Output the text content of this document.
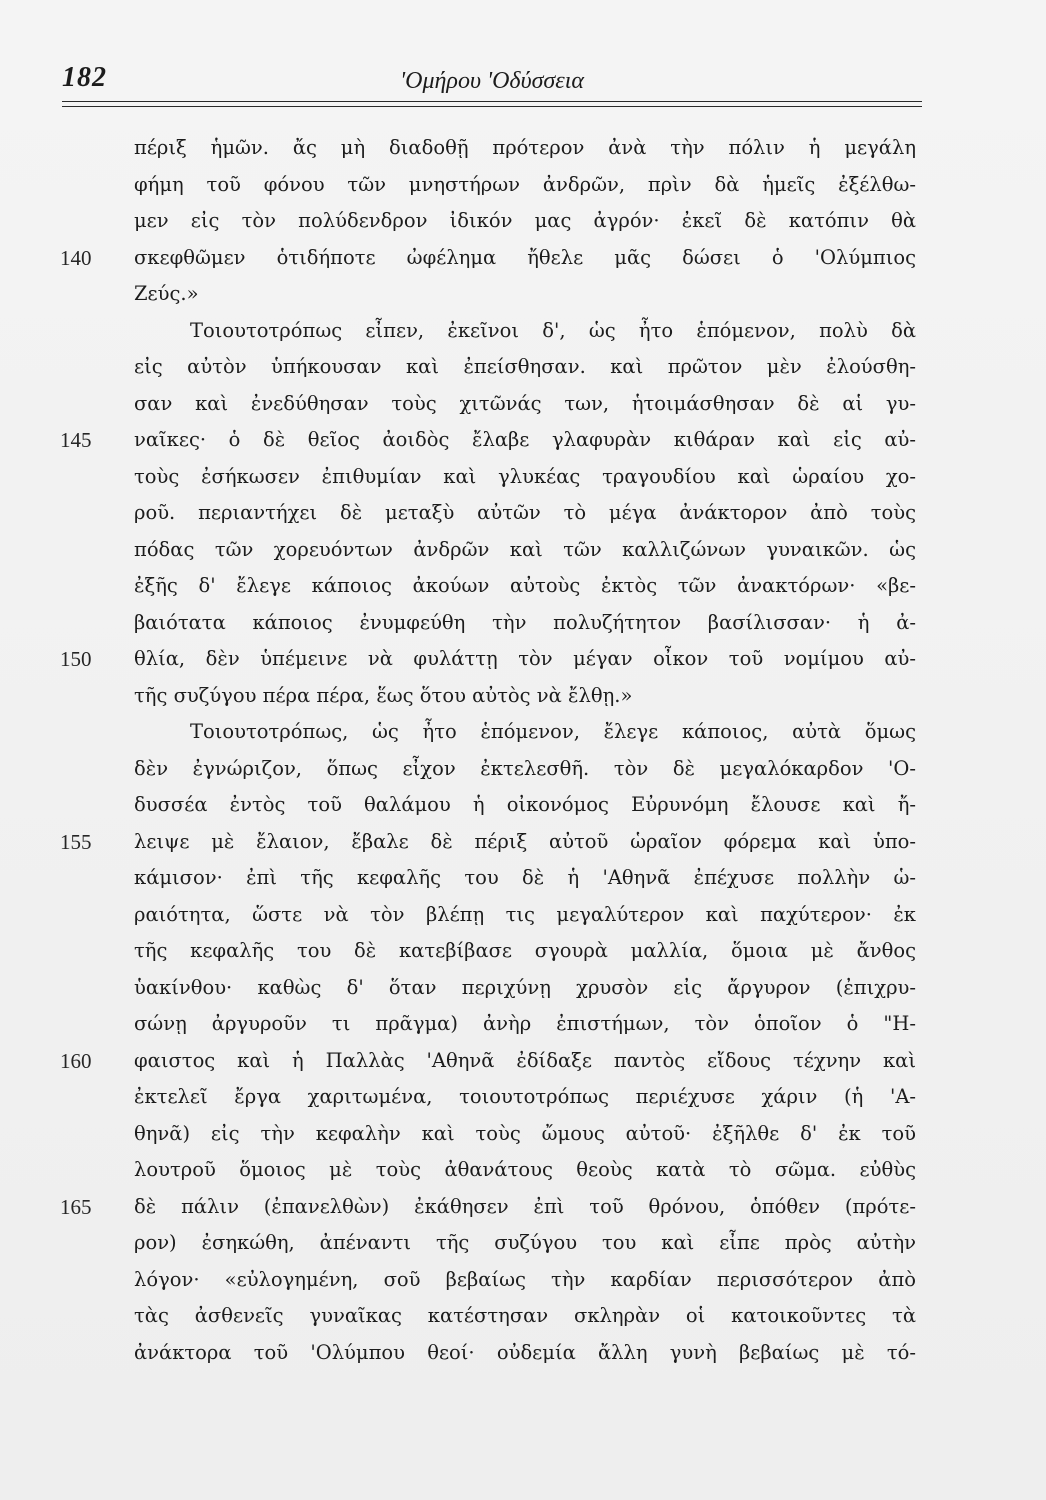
182	'Ομήρου 'Οδύσσεια
πέριξ ἡμῶν. ἄς μὴ διαδοθῇ πρότερον ἀνὰ τὴν πόλιν ἡ μεγάλη
φήμη τοῦ φόνου τῶν μνηστήρων ἀνδρῶν, πρὶν δὰ ἡμεῖς ἐξέλθω-
μεν εἰς τὸν πολύδενδρον ἰδικόν μας ἀγρόν· ἐκεῖ δὲ κατόπιν θὰ
140	σκεφθῶμεν ὁτιδήποτε ὠφέλημα ἤθελε μᾶς δώσει ὁ 'Ολύμπιος
Ζεύς.»
Τοιουτοτρόπως εἶπεν, ἐκεῖνοι δ', ὡς ἦτο ἑπόμενον, πολὺ δὰ
εἰς αὐτὸν ὑπήκουσαν καὶ ἐπείσθησαν. καὶ πρῶτον μὲν ἐλούσθη-
σαν καὶ ἐνεδύθησαν τοὺς χιτῶνάς των, ἡτοιμάσθησαν δὲ αἱ γυ-
145	ναῖκες· ὁ δὲ θεῖος ἀοιδὸς ἔλαβε γλαφυρὰν κιθάραν καὶ εἰς αὐ-
τοὺς ἐσήκωσεν ἐπιθυμίαν καὶ γλυκέας τραγουδίου καὶ ὡραίου χο-
ροῦ. περιαντήχει δὲ μεταξὺ αὐτῶν τὸ μέγα ἀνάκτορον ἀπὸ τοὺς
πόδας τῶν χορευόντων ἀνδρῶν καὶ τῶν καλλιζώνων γυναικῶν. ὡς
ἐξῆς δ' ἔλεγε κάποιος ἀκούων αὐτοὺς ἐκτὸς τῶν ἀνακτόρων· «βε-
βαιότατα κάποιος ἐνυμφεύθη τὴν πολυζήτητον βασίλισσαν· ἡ ἀ-
150	θλία, δὲν ὑπέμεινε νὰ φυλάττῃ τὸν μέγαν οἶκον τοῦ νομίμου αὐ-
τῆς συζύγου πέρα πέρα, ἕως ὅτου αὐτὸς νὰ ἔλθῃ.»
Τοιουτοτρόπως, ὡς ἦτο ἑπόμενον, ἔλεγε κάποιος, αὐτὰ ὅμως
δὲν ἐγνώριζον, ὅπως εἶχον ἐκτελεσθῆ. τὸν δὲ μεγαλόκαρδον 'Ο-
δυσσέα ἐντὸς τοῦ θαλάμου ἡ οἰκονόμος Εὐρυνόμη ἔλουσε καὶ ἤ-
155	λειψε μὲ ἔλαιον, ἔβαλε δὲ πέριξ αὐτοῦ ὡραῖον φόρεμα καὶ ὑπο-
κάμισον· ἐπὶ τῆς κεφαλῆς του δὲ ἡ 'Αθηνᾶ ἐπέχυσε πολλὴν ὡ-
ραιότητα, ὥστε νὰ τὸν βλέπῃ τις μεγαλύτερον καὶ παχύτερον· ἐκ
τῆς κεφαλῆς του δὲ κατεβίβασε σγουρὰ μαλλία, ὅμοια μὲ ἄνθος
ὑακίνθου· καθὼς δ' ὅταν περιχύνῃ χρυσὸν εἰς ἄργυρον (ἐπιχρυ-
σώνῃ ἀργυροῦν τι πρᾶγμα) ἀνὴρ ἐπιστήμων, τὸν ὁποῖον ὁ "Η-
160	φαιστος καὶ ἡ Παλλὰς 'Αθηνᾶ ἐδίδαξε παντὸς εἴδους τέχνην καὶ
ἐκτελεῖ ἔργα χαριτωμένα, τοιουτοτρόπως περιέχυσε χάριν (ἡ 'Α-
θηνᾶ) εἰς τὴν κεφαλὴν καὶ τοὺς ὤμους αὐτοῦ· ἐξῆλθε δ' ἐκ τοῦ
λουτροῦ ὅμοιος μὲ τοὺς ἀθανάτους θεοὺς κατὰ τὸ σῶμα. εὐθὺς
165	δὲ πάλιν (ἐπανελθὼν) ἐκάθησεν ἐπὶ τοῦ θρόνου, ὁπόθεν (πρότε-
ρον) ἐσηκώθη, ἀπέναντι τῆς συζύγου του καὶ εἶπε πρὸς αὐτὴν
λόγον· «εὐλογημένη, σοῦ βεβαίως τὴν καρδίαν περισσότερον ἀπὸ
τὰς ἀσθενεῖς γυναῖκας κατέστησαν σκληρὰν οἱ κατοικοῦντες τὰ
ἀνάκτορα τοῦ 'Ολύμπου θεοί· οὐδεμία ἄλλη γυνὴ βεβαίως μὲ τό-
